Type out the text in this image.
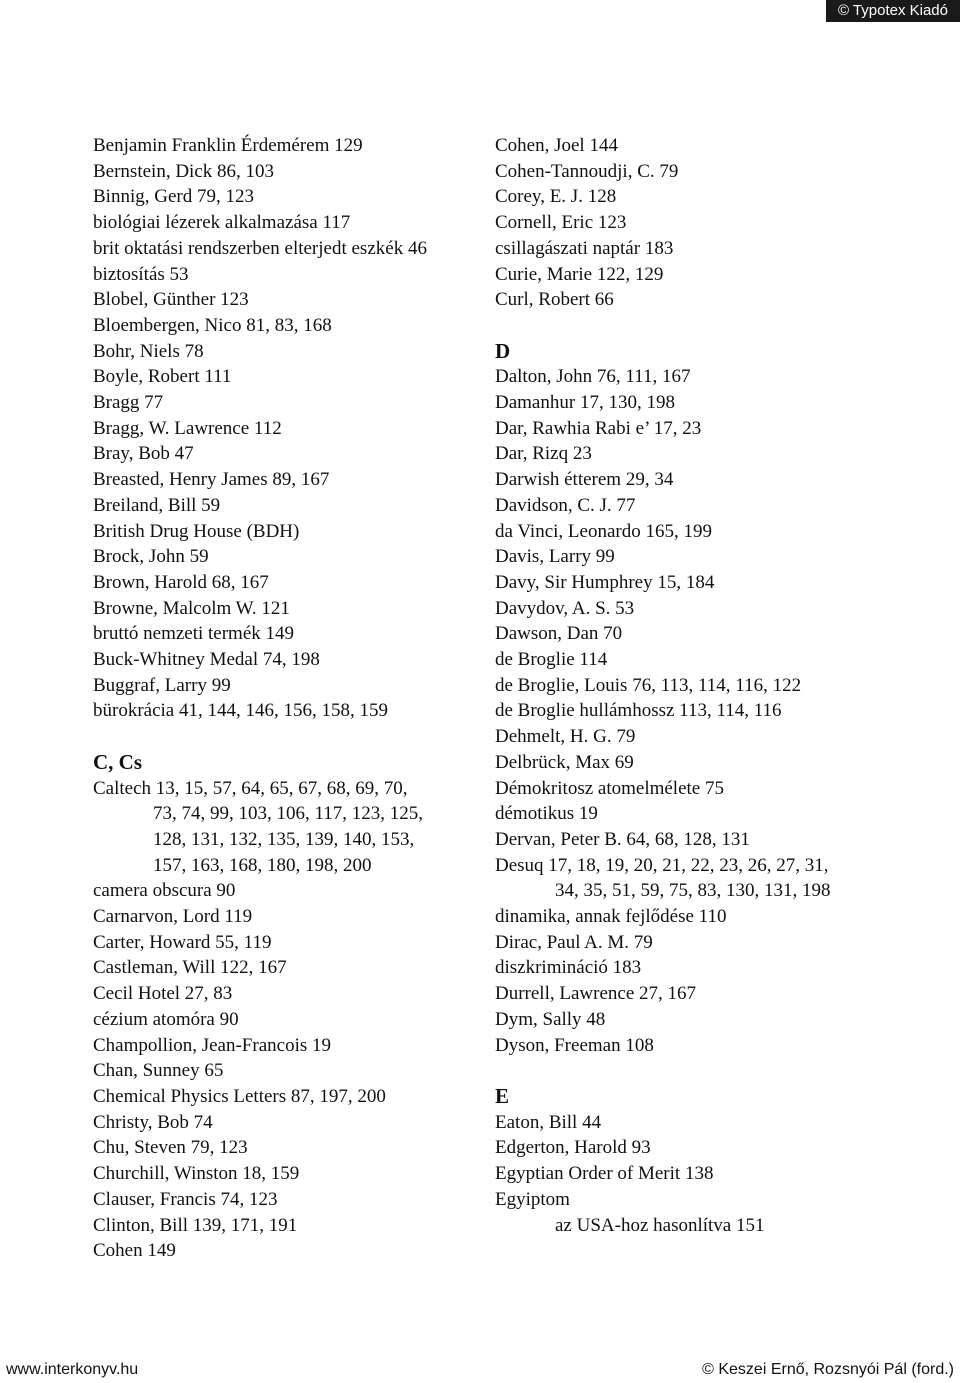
© Typotex Kiadó
Benjamin Franklin Érdemérem 129
Bernstein, Dick 86, 103
Binnig, Gerd 79, 123
biológiai lézerek alkalmazása 117
brit oktatási rendszerben elterjedt eszkék 46
biztosítás 53
Blobel, Günther 123
Bloembergen, Nico 81, 83, 168
Bohr, Niels 78
Boyle, Robert 111
Bragg 77
Bragg, W. Lawrence 112
Bray, Bob 47
Breasted, Henry James 89, 167
Breiland, Bill 59
British Drug House (BDH)
Brock, John 59
Brown, Harold 68, 167
Browne, Malcolm W. 121
bruttó nemzeti termék 149
Buck-Whitney Medal 74, 198
Buggraf, Larry 99
bürokrácia 41, 144, 146, 156, 158, 159
C, Cs
Caltech 13, 15, 57, 64, 65, 67, 68, 69, 70,
73, 74, 99, 103, 106, 117, 123, 125,
128, 131, 132, 135, 139, 140, 153,
157, 163, 168, 180, 198, 200
camera obscura 90
Carnarvon, Lord 119
Carter, Howard 55, 119
Castleman, Will 122, 167
Cecil Hotel 27, 83
cézium atomóra 90
Champollion, Jean-Francois 19
Chan, Sunney 65
Chemical Physics Letters 87, 197, 200
Christy, Bob 74
Chu, Steven 79, 123
Churchill, Winston 18, 159
Clauser, Francis 74, 123
Clinton, Bill 139, 171, 191
Cohen 149
Cohen, Joel 144
Cohen-Tannoudji, C. 79
Corey, E. J. 128
Cornell, Eric 123
csillagászati naptár 183
Curie, Marie 122, 129
Curl, Robert 66
D
Dalton, John 76, 111, 167
Damanhur 17, 130, 198
Dar, Rawhia Rabi e’ 17, 23
Dar, Rizq 23
Darwish étterem 29, 34
Davidson, C. J. 77
da Vinci, Leonardo 165, 199
Davis, Larry 99
Davy, Sir Humphrey 15, 184
Davydov, A. S. 53
Dawson, Dan 70
de Broglie 114
de Broglie, Louis 76, 113, 114, 116, 122
de Broglie hullámhossz 113, 114, 116
Dehmelt, H. G. 79
Delbrück, Max 69
Démokritosz atomelmélete 75
démotikus 19
Dervan, Peter B. 64, 68, 128, 131
Desuq 17, 18, 19, 20, 21, 22, 23, 26, 27, 31,
34, 35, 51, 59, 75, 83, 130, 131, 198
dinamika, annak fejlődése 110
Dirac, Paul A. M. 79
diszkrimináció 183
Durrell, Lawrence 27, 167
Dym, Sally 48
Dyson, Freeman 108
E
Eaton, Bill 44
Edgerton, Harold 93
Egyptian Order of Merit 138
Egyiptom
az USA-hoz hasonlítva 151
www.interkonyv.hu	© Keszei Ernő, Rozsnyói Pál (ford.)
